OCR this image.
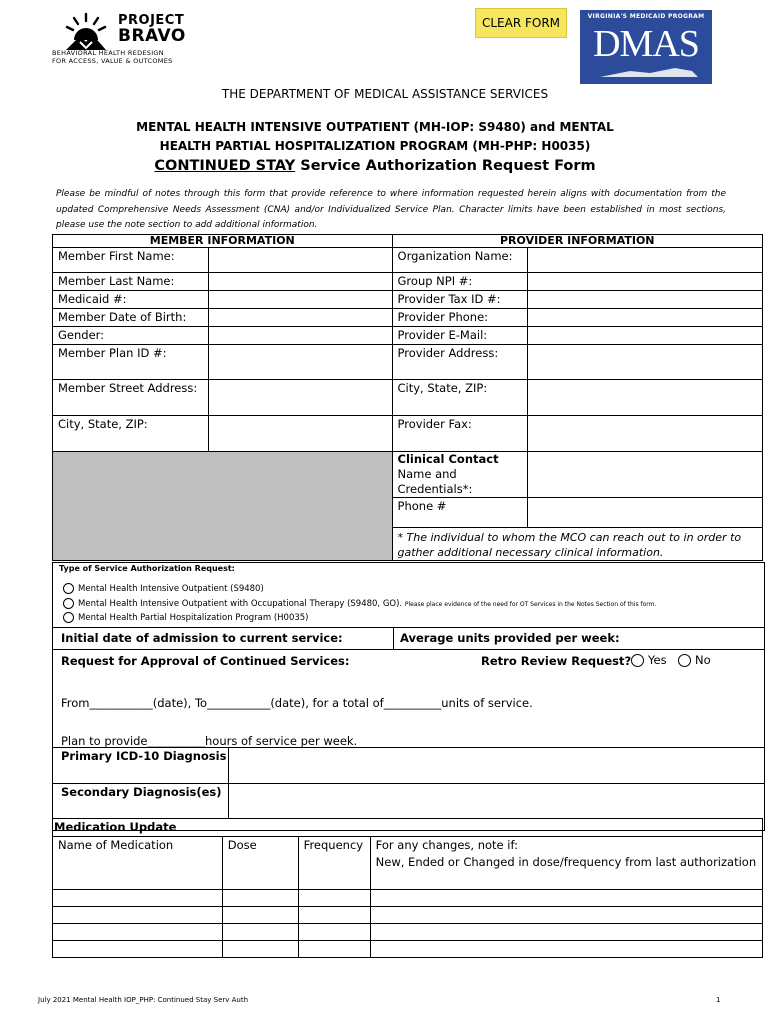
PROJECT
BRAVO
BEHAVIORAL HEALTH REDESIGN
FOR ACCESS, VALUE & OUTCOMES
CLEAR FORM	VIRGINIA'S MEDICAID PROGRAM
DMAS
THE DEPARTMENT OF MEDICAL ASSISTANCE SERVICES
MENTAL HEALTH INTENSIVE OUTPATIENT (MH-IOP: S9480) and MENTAL
HEALTH PARTIAL HOSPITALIZATION PROGRAM (MH-PHP: H0035)
CONTINUED STAY Service Authorization Request Form
Please be mindful of notes through this form that provide reference to where information requested herein aligns with documentation from the updated Comprehensive Needs Assessment (CNA) and/or Individualized Service Plan. Character limits have been established in most sections, please use the note section to add additional information.
MEMBER INFORMATION		PROVIDER INFORMATION	
Member First Name:		Organization Name:	
Member Last Name:		Group NPI #:	
Medicaid #:		Provider Tax ID #:	
Member Date of Birth:		Provider Phone:	
Gender:		Provider E-Mail:	
Member Plan ID #:		Provider Address:	
Member Street Address:		City, State, ZIP:	
City, State, ZIP:		Provider Fax:	
		Clinical Contact Name and Credentials*:	
		Phone #	
		* The individual to whom the MCO can reach out to in order to gather additional necessary clinical information.	
Type of Service Authorization Request:
Mental Health Intensive Outpatient (S9480)
Mental Health Intensive Outpatient with Occupational Therapy (S9480, GO). Please place evidence of the need for OT Services in the Notes Section of this form.
Mental Health Partial Hospitalization Program (H0035)
Initial date of admission to current service:	Average units provided per week:
Request for Approval of Continued Services:	Retro Review Request?	Yes	No
From___________(date), To___________(date), for a total of__________units of service.
Plan to provide__________hours of service per week.
Primary ICD-10 Diagnosis
Secondary Diagnosis(es)
Medication Update			
Name of Medication	Dose	Frequency	For any changes, note if:
New, Ended or Changed in dose/frequency from last authorization

July 2021 Mental Health IOP_PHP: Continued Stay Serv Auth	1
